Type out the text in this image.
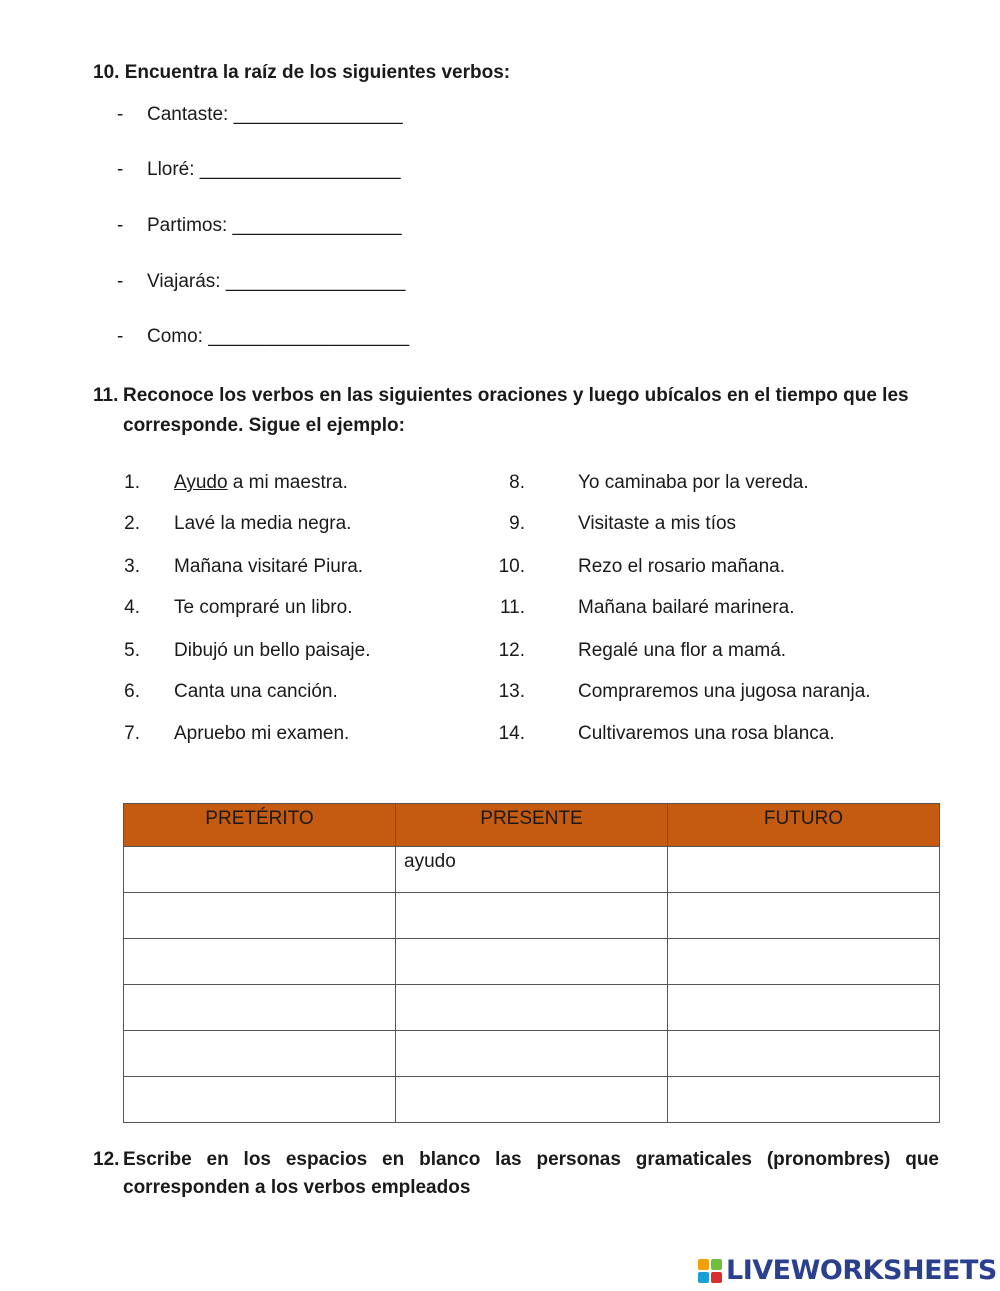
10. Encuentra la raíz de los siguientes verbos:
- Cantaste: ________________
- Lloré: ___________________
- Partimos: ________________
- Viajarás: _________________
- Como: ___________________
11. Reconoce los verbos en las siguientes oraciones y luego ubícalos en el tiempo que les
corresponde. Sigue el ejemplo:
1. Ayudo a mi maestra.
2. Lavé la media negra.
3. Mañana visitaré Piura.
4. Te compraré un libro.
5. Dibujó un bello paisaje.
6. Canta una canción.
7. Apruebo mi examen.
8.	Yo caminaba por la vereda.
9.	Visitaste a mis tíos
10.	Rezo el rosario mañana.
11.	Mañana bailaré marinera.
12.	Regalé una flor a mamá.
13.	Compraremos una jugosa naranja.
14.	Cultivaremos una rosa blanca.
PRETÉRITO	PRESENTE	FUTURO
	ayudo	

12. Escribe en los espacios en blanco las personas gramaticales (pronombres) que
corresponden a los verbos empleados
LIVEWORKSHEETS
